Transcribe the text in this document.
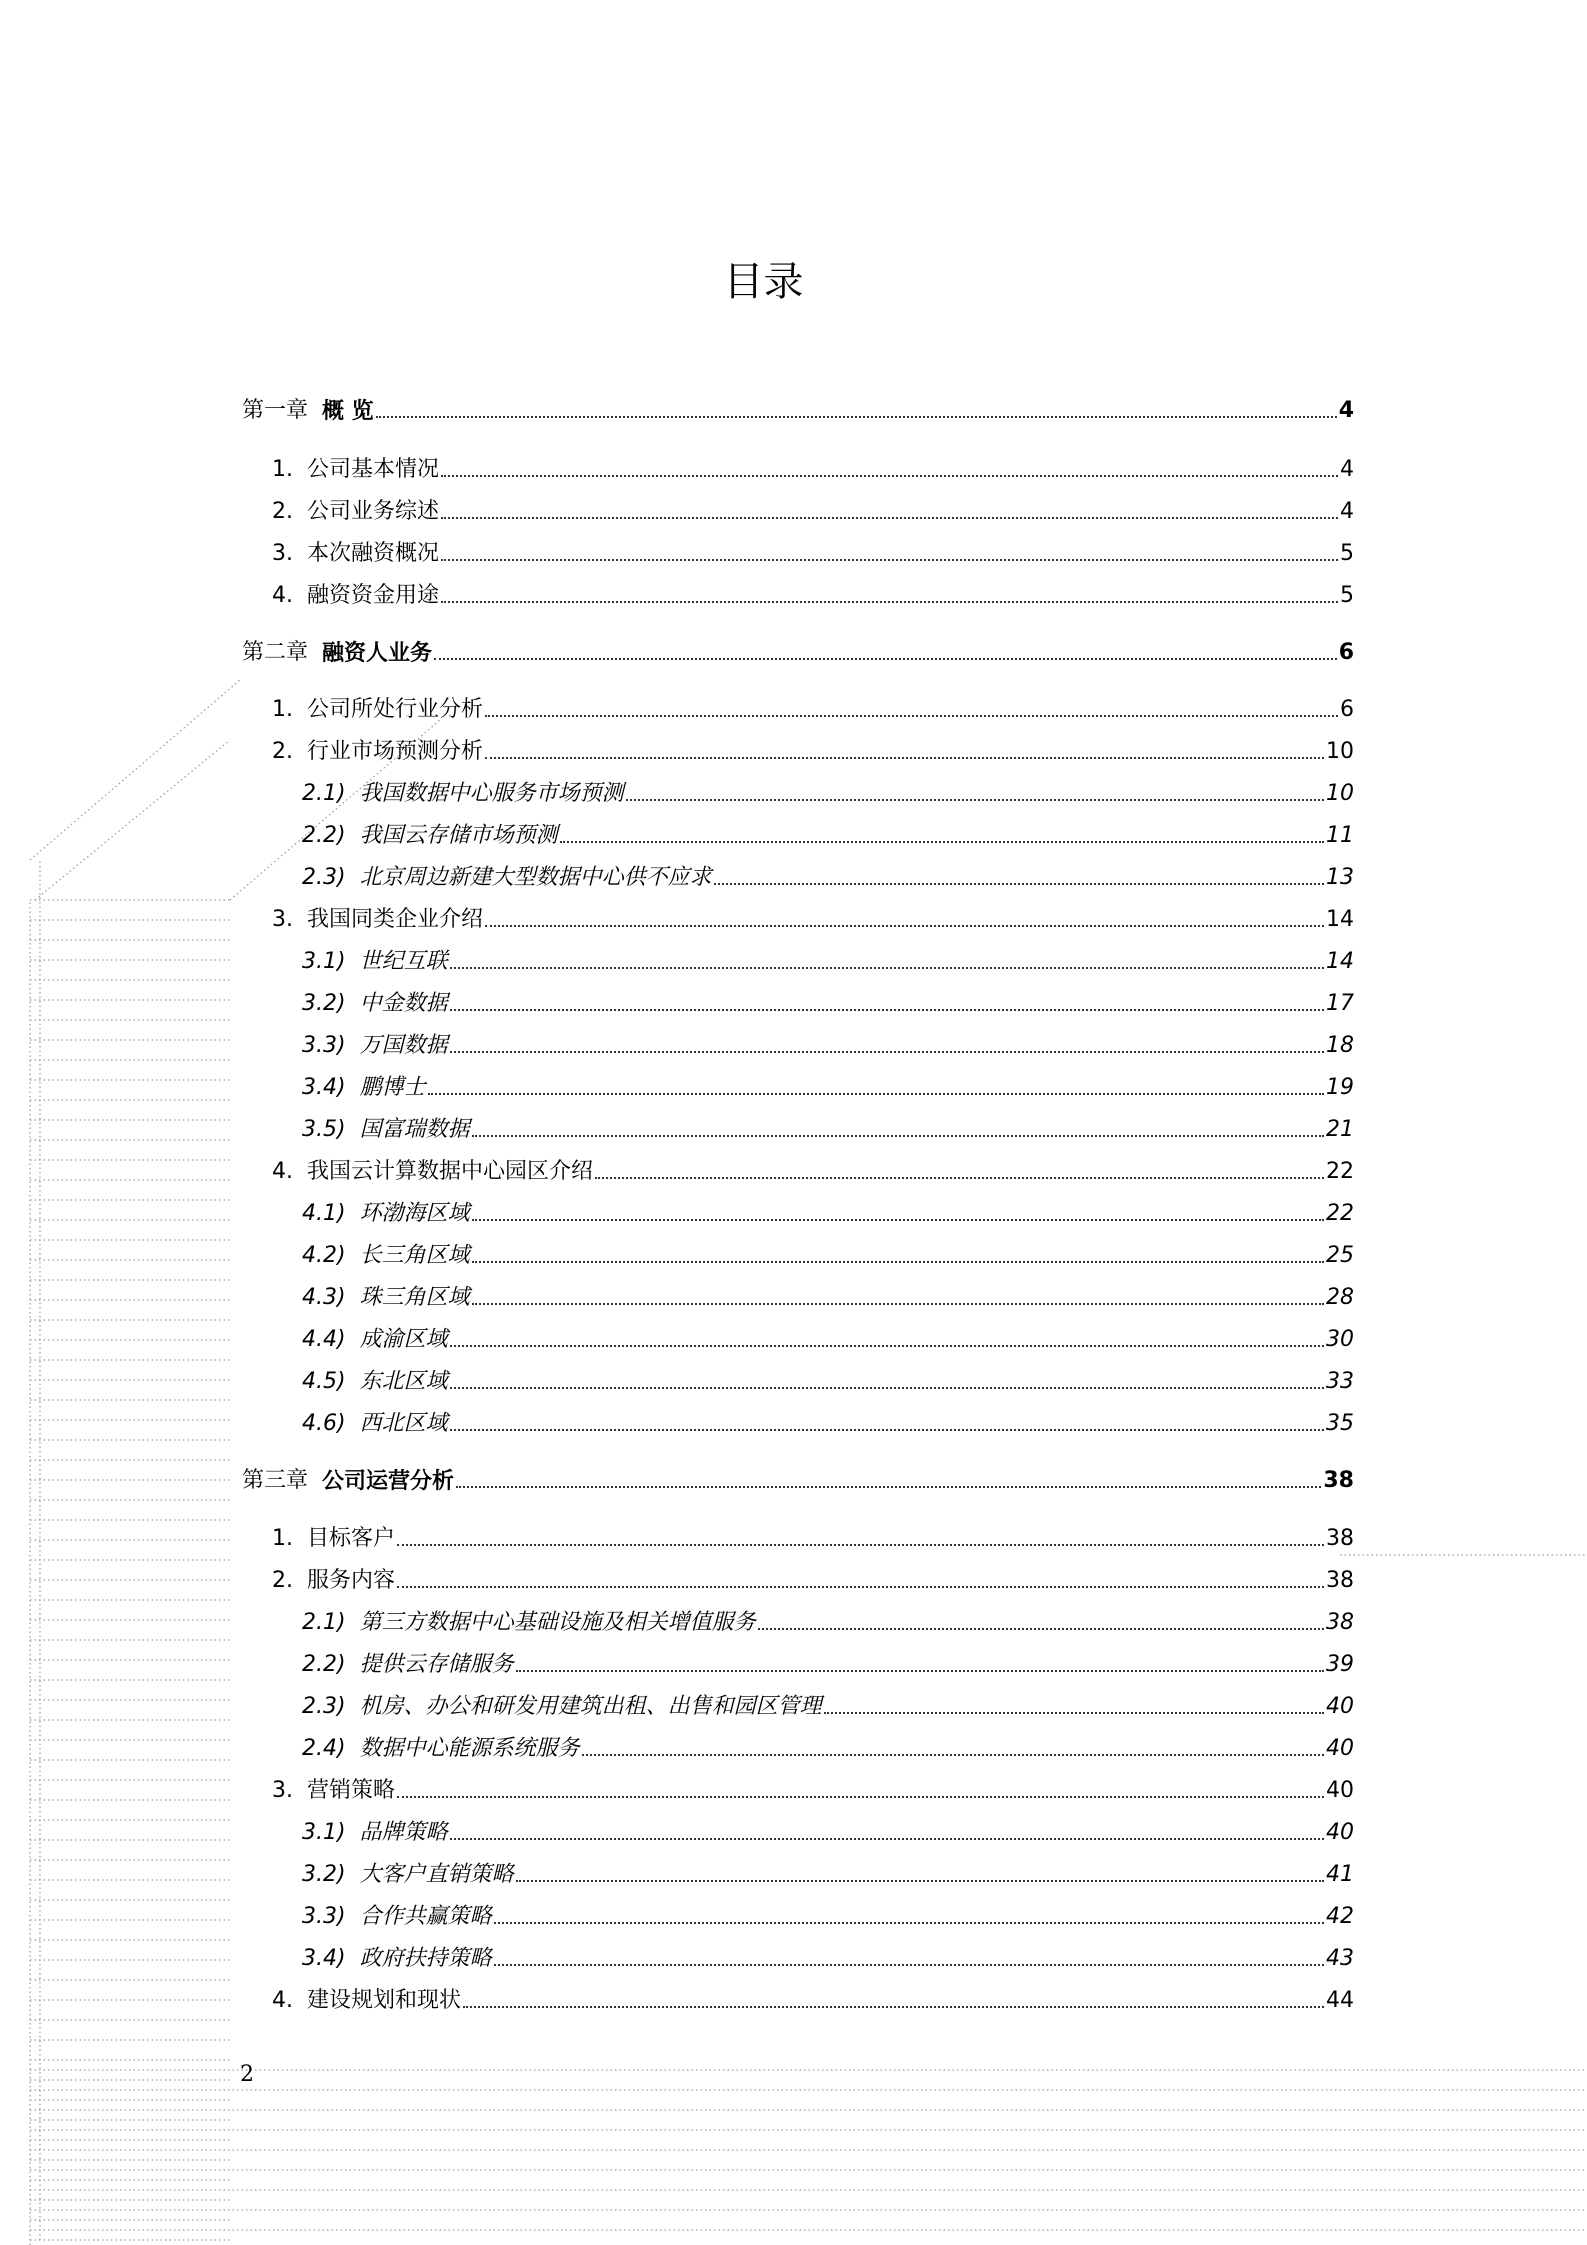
目录
第一章 概 览	4
1. 公司基本情况	4
2. 公司业务综述	4
3. 本次融资概况	5
4. 融资资金用途	5
第二章 融资人业务	6
1. 公司所处行业分析	6
2. 行业市场预测分析	10
2.1) 我国数据中心服务市场预测	10
2.2) 我国云存储市场预测	11
2.3) 北京周边新建大型数据中心供不应求	13
3. 我国同类企业介绍	14
3.1) 世纪互联	14
3.2) 中金数据	17
3.3) 万国数据	18
3.4) 鹏博士	19
3.5) 国富瑞数据	21
4. 我国云计算数据中心园区介绍	22
4.1) 环渤海区域	22
4.2) 长三角区域	25
4.3) 珠三角区域	28
4.4) 成渝区域	30
4.5) 东北区域	33
4.6) 西北区域	35
第三章 公司运营分析	38
1. 目标客户	38
2. 服务内容	38
2.1) 第三方数据中心基础设施及相关增值服务	38
2.2) 提供云存储服务	39
2.3) 机房、办公和研发用建筑出租、出售和园区管理	40
2.4) 数据中心能源系统服务	40
3. 营销策略	40
3.1) 品牌策略	40
3.2) 大客户直销策略	41
3.3) 合作共赢策略	42
3.4) 政府扶持策略	43
4. 建设规划和现状	44
2
